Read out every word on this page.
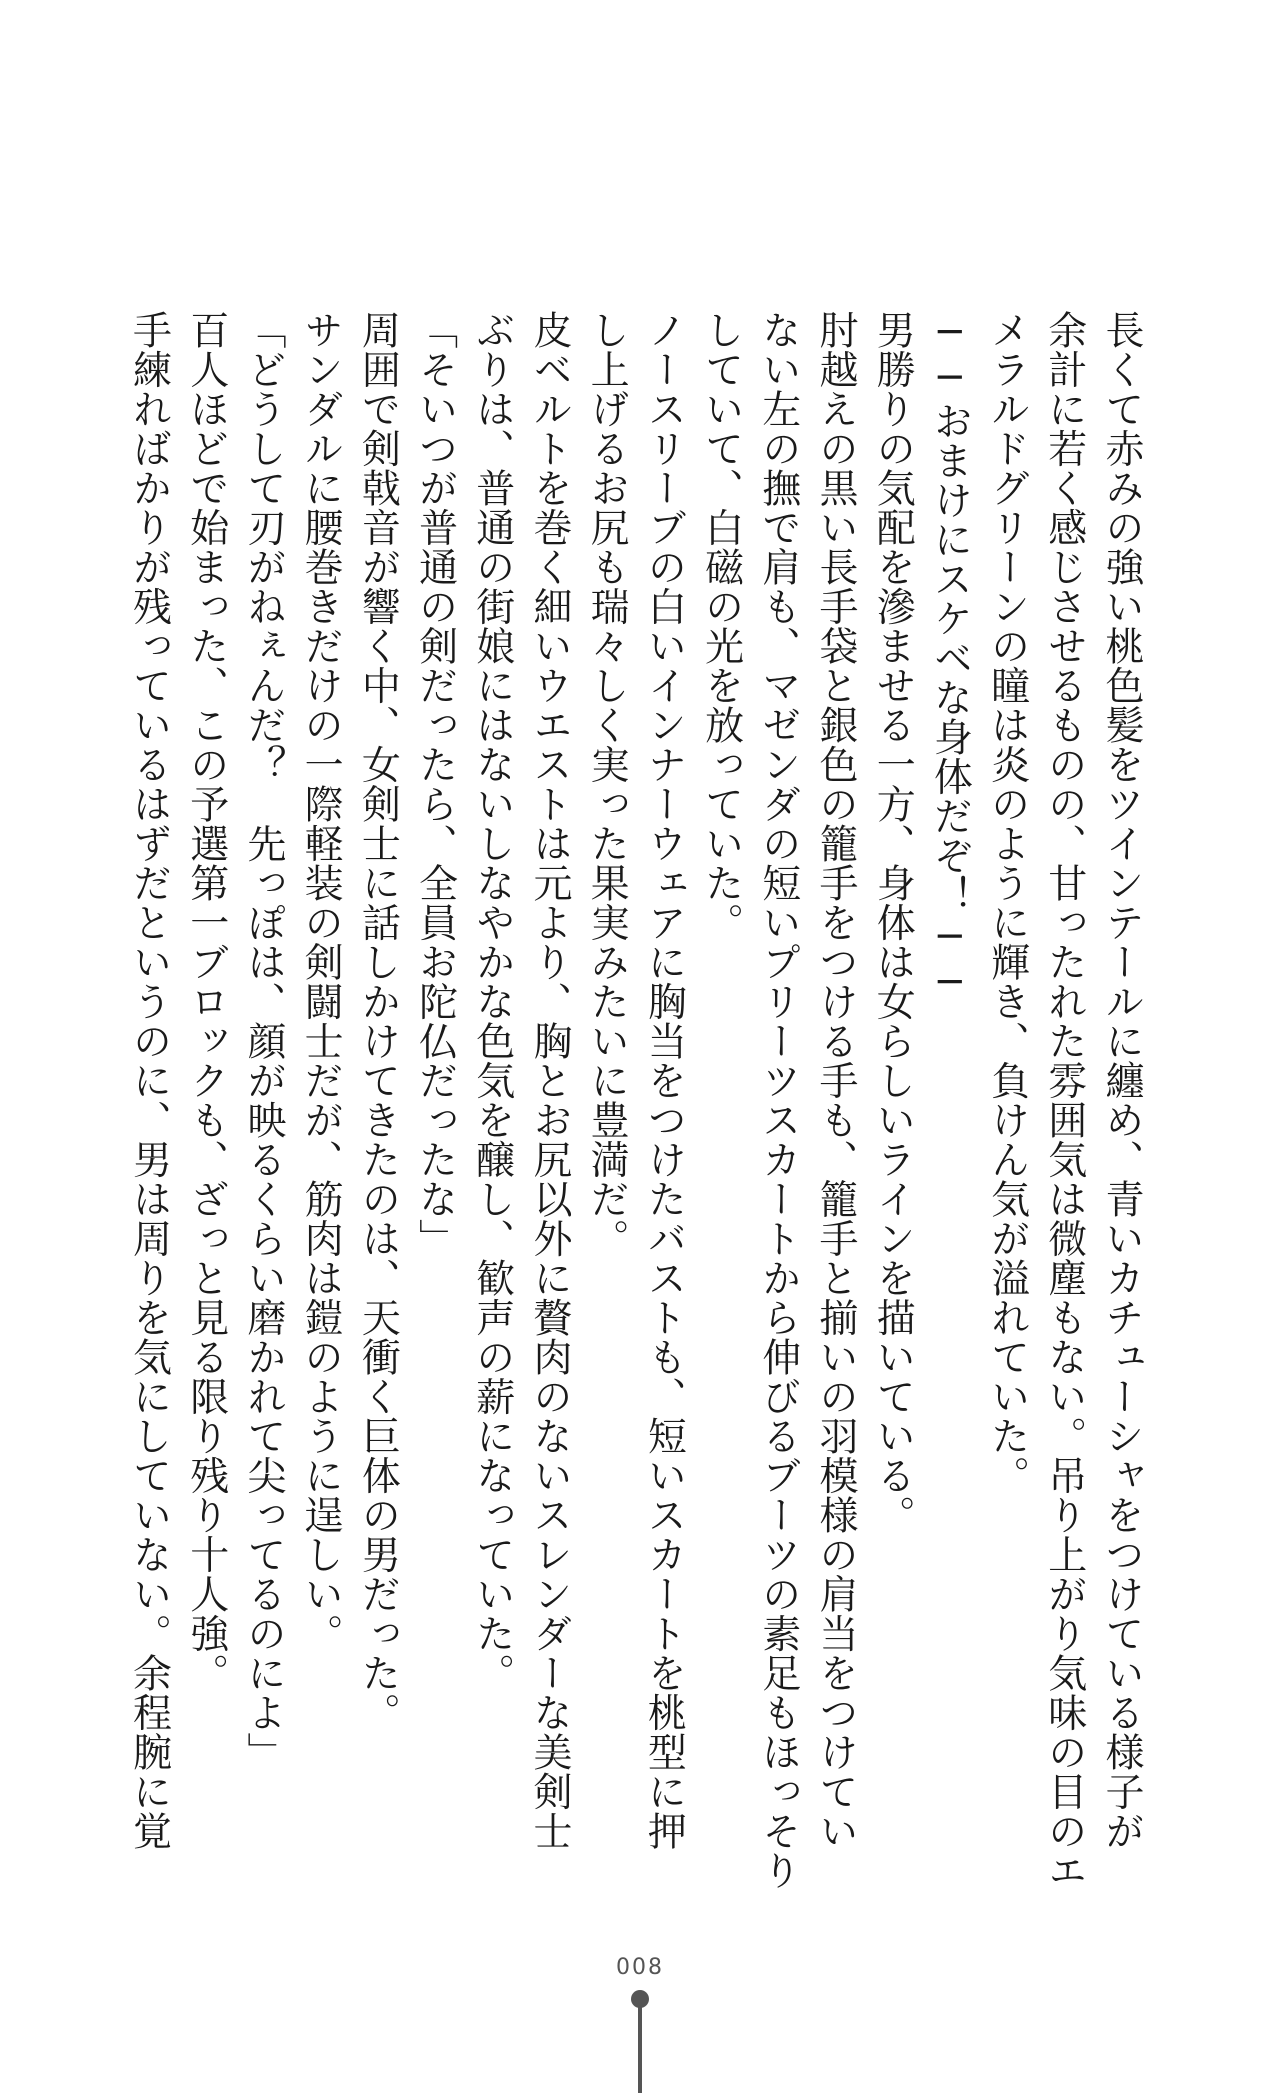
長くて赤みの強い桃色髪をツインテールに纏め、青いカチューシャをつけている様子が

余計に若く感じさせるものの、甘ったれた雰囲気は微塵もない。吊り上がり気味の目のエ

メラルドグリーンの瞳は炎のように輝き、負けん気が溢れていた。

──おまけにスケベな身体だぞ！──

男勝りの気配を滲ませる一方、身体は女らしいラインを描いている。

肘越えの黒い長手袋と銀色の籠手をつける手も、籠手と揃いの羽模様の肩当をつけてい

ない左の撫で肩も、マゼンダの短いプリーツスカートから伸びるブーツの素足もほっそり

していて、白磁の光を放っていた。

ノースリーブの白いインナーウェアに胸当をつけたバストも、短いスカートを桃型に押

し上げるお尻も瑞々しく実った果実みたいに豊満だ。

皮ベルトを巻く細いウエストは元より、胸とお尻以外に贅肉のないスレンダーな美剣士

ぶりは、普通の街娘にはないしなやかな色気を醸し、歓声の薪になっていた。

「そいつが普通の剣だったら、全員お陀仏だったな」

周囲で剣戟音が響く中、女剣士に話しかけてきたのは、天衝く巨体の男だった。

サンダルに腰巻きだけの一際軽装の剣闘士だが、筋肉は鎧のように逞しい。

「どうして刃がねぇんだ？　先っぽは、顔が映るくらい磨かれて尖ってるのによ」

百人ほどで始まった、この予選第一ブロックも、ざっと見る限り残り十人強。

手練ればかりが残っているはずだというのに、男は周りを気にしていない。余程腕に覚

008
